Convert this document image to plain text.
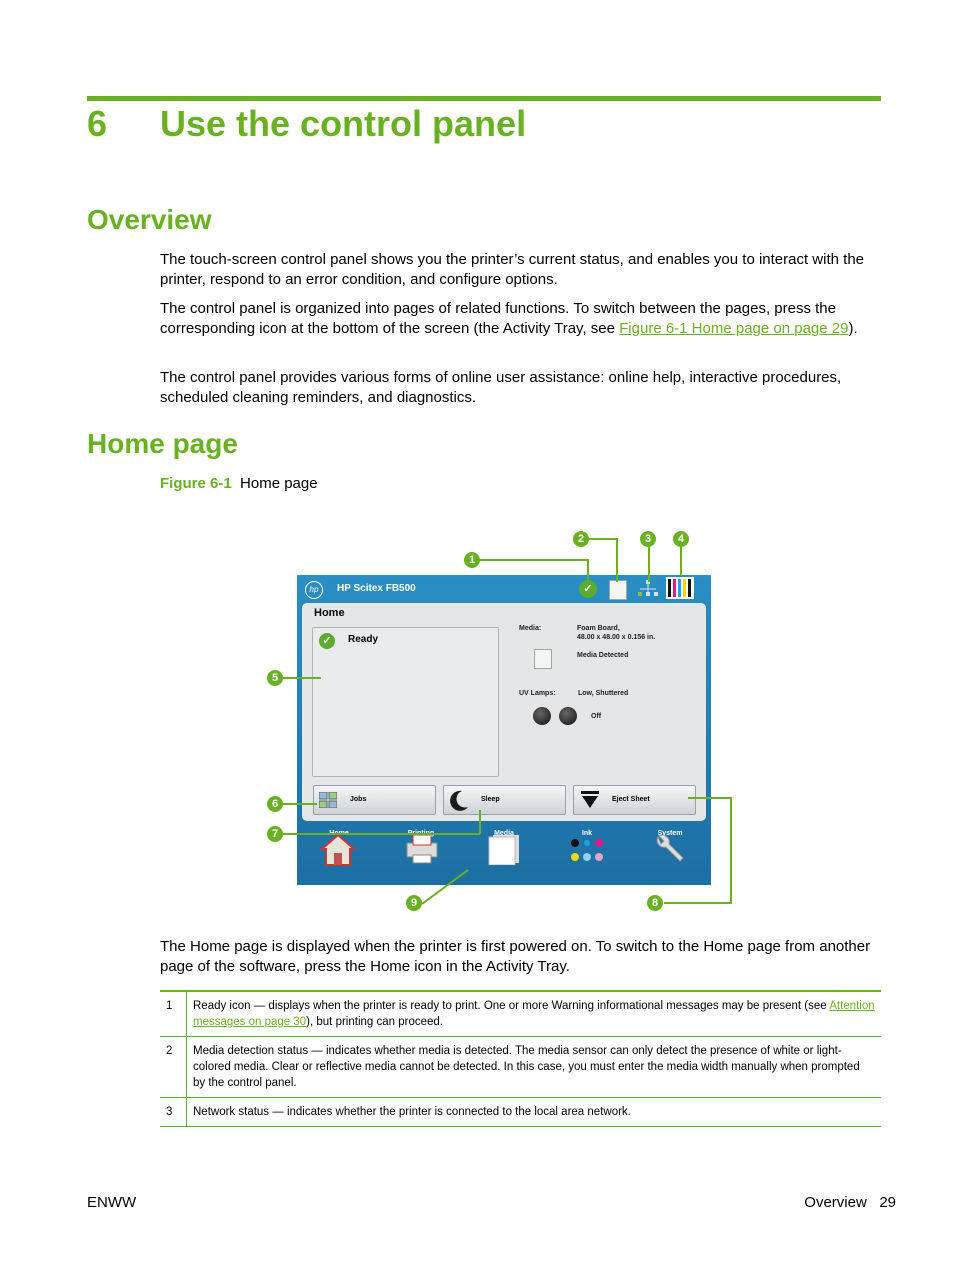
6 Use the control panel
Overview
The touch-screen control panel shows you the printer’s current status, and enables you to interact with the printer, respond to an error condition, and configure options.
The control panel is organized into pages of related functions. To switch between the pages, press the corresponding icon at the bottom of the screen (the Activity Tray, see Figure 6-1 Home page on page 29).
The control panel provides various forms of online user assistance: online help, interactive procedures, scheduled cleaning reminders, and diagnostics.
Home page
Figure 6-1 Home page
hp	HP Scitex FB500	✓
Home
✓	Ready
Media:	Foam Board,
48.00 x 48.00 x 0.156 in.
Media Detected
UV Lamps:	Low, Shuttered
Off
Jobs	Sleep	Eject Sheet
Media	Ink	System
1
2	3	4
5
6
7
8
9
The Home page is displayed when the printer is first powered on. To switch to the Home page from another page of the software, press the Home icon in the Activity Tray.
1	Ready icon — displays when the printer is ready to print. One or more Warning informational messages may be present (see Attention messages on page 30), but printing can proceed.
2	Media detection status — indicates whether media is detected. The media sensor can only detect the presence of white or light-colored media. Clear or reflective media cannot be detected. In this case, you must enter the media width manually when prompted by the control panel.
3	Network status — indicates whether the printer is connected to the local area network.
ENWW	Overview 29
